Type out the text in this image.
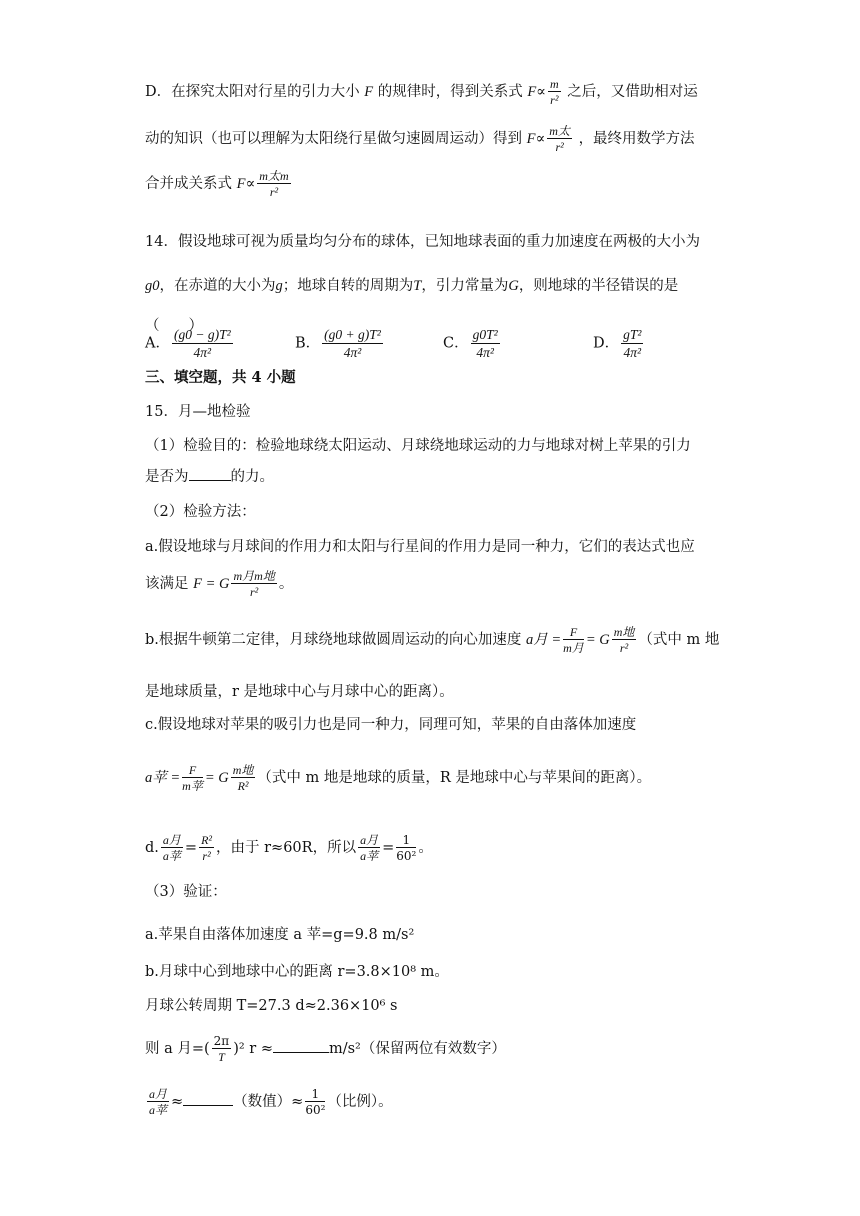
D．在探究太阳对行星的引力大小 F 的规律时，得到关系式 $F\propto \frac{m}{\text{r²}}$ 之后，又借助相对运
动的知识（也可以理解为太阳绕行星做匀速圆周运动）得到 $F\propto \frac{\text{m太}}{\text{r²}}$ ，最终用数学方法
合并成关系式 $F\propto \frac{\text{m太m}}{\text{r²}}$
14．假设地球可视为质量均匀分布的球体，已知地球表面的重力加速度在两极的大小为
g0，在赤道的大小为g；地球自转的周期为T，引力常量为G，则地球的半径错误的是
（　　）
A． $\frac{\text{(g0 − g)T²}}{\text{4π²}}$	B． $\frac{\text{(g0 + g)T²}}{\text{4π²}}$	C． $\frac{\text{g0T²}}{\text{4π²}}$	D． $\frac{\text{gT²}}{\text{4π²}}$
三、填空题，共 4 小题
15．月—地检验
（1）检验目的：检验地球绕太阳运动、月球绕地球运动的力与地球对树上苹果的引力
是否为	的力。
（2）检验方法：
a.假设地球与月球间的作用力和太阳与行星间的作用力是同一种力，它们的表达式也应
该满足 F = G $\frac{\text{m月m地}}{\text{r²}}$ 。
b.根据牛顿第二定律，月球绕地球做圆周运动的向心加速度 a月 = $\frac{F}{\text{m月}} = G \frac{\text{m地}}{\text{r²}}$ （式中 m 地
是地球质量，r 是地球中心与月球中心的距离）。
c.假设地球对苹果的吸引力也是同一种力，同理可知，苹果的自由落体加速度
a苹 = $\frac{F}{\text{m苹}} = G \frac{\text{m地}}{\text{R²}}$ （式中 m 地是地球的质量，R 是地球中心与苹果间的距离）。
d. $\frac{\text{a月}}{\text{a苹}} = \frac{\text{R²}}{\text{r²}}$ ，由于 r≈60R，所以 $\frac{\text{a月}}{\text{a苹}} = \frac{1}{\text{60²}}$ 。
（3）验证：
a.苹果自由落体加速度 a 苹=g=9.8 m/s²
b.月球中心到地球中心的距离 r=3.8×10⁸ m。
月球公转周期 T=27.3 d≈2.36×10⁶ s
则 a 月=( $\frac{2\pi}{T} )^2$ r ≈	m/s²（保留两位有效数字）
$\frac{\text{a月}}{\text{a苹}}$ ≈	（数值）≈ $\frac{1}{\text{60²}}$ （比例）。
